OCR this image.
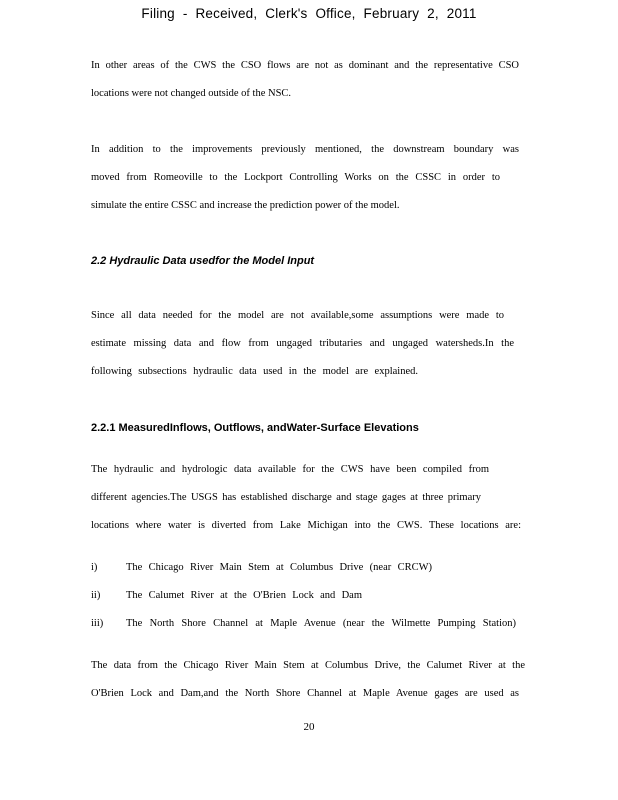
Filing - Received, Clerk's Office, February 2, 2011
In other areas of the CWS the CSO flows are not as dominant and the representative CSO
locations were not changed outside of the NSC.
In addition to the improvements previously mentioned, the downstream boundary was
moved from Romeoville to the Lockport Controlling Works on the CSSC in order to
simulate the entire CSSC and increase the prediction power of the model.
2.2 Hydraulic Data usedfor the Model Input
Since all data needed for the model are not available,some assumptions were made to
estimate missing data and flow from ungaged tributaries and ungaged watersheds.In the
following subsections hydraulic data used in the model are explained.
2.2.1 MeasuredInflows, Outflows, andWater-Surface Elevations
The hydraulic and hydrologic data available for the CWS have been compiled from
different agencies.The USGS has established discharge and stage gages at three primary
locations where water is diverted from Lake Michigan into the CWS. These locations are:
i)	The Chicago River Main Stem at Columbus Drive (near CRCW)
ii) The Calumet River at the O'Brien Lock and Dam
iii) The North Shore Channel at Maple Avenue (near the Wilmette Pumping Station)
The data from the Chicago River Main Stem at Columbus Drive, the Calumet River at the
O'Brien Lock and Dam,and the North Shore Channel at Maple Avenue gages are used as
20
